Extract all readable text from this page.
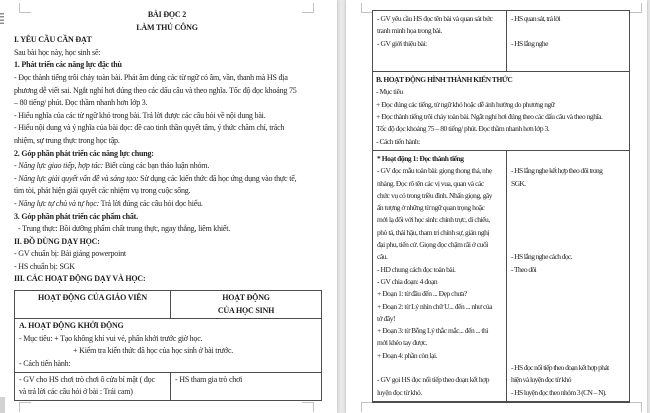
BÀI ĐỌC 2
LÀM THỦ CÔNG
I. YÊU CẦU CẦN ĐẠT
Sau bài học này, học sinh sẽ:
1. Phát triển các năng lực đặc thù
- Đọc thành tiếng trôi chảy toàn bài. Phát âm đúng các từ ngữ có âm, vần, thanh mà HS địa
phương dễ viết sai. Ngắt nghỉ hơi đúng theo các dấu câu và theo nghĩa. Tốc độ đọc khoảng 75
– 80 tiếng/ phút. Đọc thầm nhanh hơn lớp 3.
- Hiểu nghĩa của các từ ngữ khó trong bài. Trả lời được các câu hỏi về nội dung bài.
- Hiểu nội dung và ý nghĩa của bài đọc: đề cao tinh thần quyết tâm, ý thức chăm chỉ, trách
nhiệm, sự trung thực trong học tập.
2. Góp phần phát triển các năng lực chung:
- Năng lực giao tiếp, hợp tác: Biết cùng các bạn thảo luận nhóm.
- Năng lực giải quyết vấn đề và sáng tạo: Sử dụng các kiến thức đã học ứng dụng vào thực tế,
tìm tòi, phát hiện giải quyết các nhiệm vụ trong cuộc sống.
- Năng lực tự chủ và tự học: Trả lời đúng các câu hỏi đọc hiểu.
3. Góp phần phát triển các phẩm chất.
- Trung thực: Bồi dưỡng phẩm chất trung thực, ngay thẳng, liêm khiết.
II. ĐỒ DÙNG DẠY HỌC:
- GV chuẩn bị: Bài giảng powerpoint
- HS chuẩn bị: SGK
III. CÁC HOẠT ĐỘNG DẠY VÀ HỌC:
HOẠT ĐỘNG CỦA GIÁO VIÊN	HOẠT ĐỘNG
CỦA HỌC SINH
A. HOẠT ĐỘNG KHỞI ĐỘNG
- Mục tiêu: + Tạo không khí vui vẻ, phấn khởi trước giờ học.
+ Kiểm tra kiến thức đã học của học sinh ở bài trước.
- Cách tiến hành:
- GV cho HS chơi trò chơi ô cửa bí mật ( đọc
và trả lời các câu hỏi ở bài : Trái cam)
- HS tham gia trò chơi
- GV yêu cầu HS đọc tên bài và quan sát bức
tranh minh họa trong bài.
- GV giới thiệu bài:

- HS quan sát, trả lời

- HS lắng nghe
B. HOẠT ĐỘNG HÌNH THÀNH KIẾN THỨC
- Mục tiêu
+ Đọc đúng các tiếng, từ ngữ khó hoặc dễ ảnh hưởng do phương ngữ
+ Đọc thành tiếng trôi chảy toàn bài. Ngắt nghỉ hơi đúng theo các dấu câu và theo nghĩa.
Tốc độ đọc khoảng 75 – 80 tiếng/ phút. Đọc thầm nhanh hơn lớp 3.
- Cách tiến hành:
* Hoạt động 1: Đọc thành tiếng
- GV đọc mẫu toàn bài: giọng thong thả, nhẹ
nhàng. Đọc rõ tên các vị vua, quan và các
chức vụ có trong triều đình. Nhấn giọng, gây
ấn tượng ở những từ ngữ quan trọng hoặc
mới lạ đối với học sinh: chính trực, di chiếu,
phò tá, thái hậu, tham tri chính sự, gián nghị
đại phu, tiến cử. Giọng đọc chậm rãi ở cuối
câu.
- HD chung cách đọc toàn bài.
- GV chia đoạn: 4 đoạn
+ Đoạn 1: từ đầu đến ... Đẹp chưa?
+ Đoạn 2: từ Lý nhìn chữ U... đến ... như của
tớ đây!
+ Đoạn 3: từ Bỗng Lý thắc mắc... đến ... thì
mới khéo tay được.
+ Đoạn 4: phần còn lại.

- GV gọi HS đọc nối tiếp theo đoạn kết hợp
luyện đọc từ khó.

- HS lắng nghe kết hợp theo dõi trong
SGK.

- HS lắng nghe cách đọc.
- Theo dõi

- HS đọc nối tiếp theo đoạn kết hợp phát
hiện và luyện đọc từ khó
- HS luyện đọc theo nhóm 3 (CN – N).
